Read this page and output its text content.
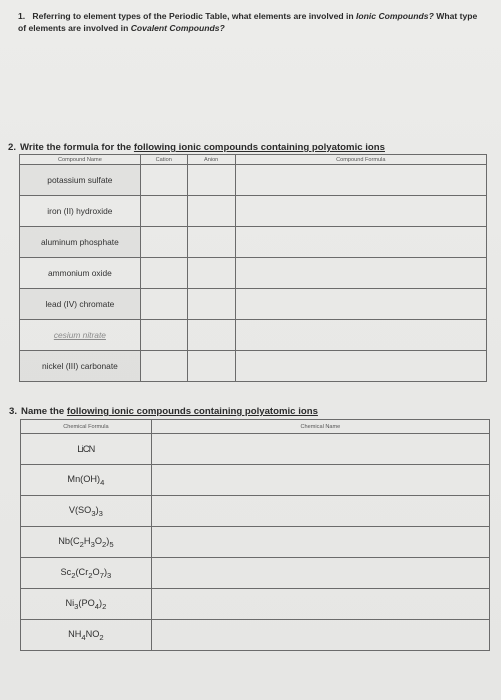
1. Referring to element types of the Periodic Table, what elements are involved in Ionic Compounds? What type of elements are involved in Covalent Compounds?
2. Write the formula for the following ionic compounds containing polyatomic ions
Compound Name	Cation	Anion	Compound Formula
potassium sulfate			
iron (II) hydroxide			
aluminum phosphate			
ammonium oxide			
lead (IV) chromate			
cesium nitrate			
nickel (III) carbonate			
3. Name the following ionic compounds containing polyatomic ions
Chemical Formula	Chemical Name
LiCN	
$Mn(OH)_4$	
$V(SO_3)_3$	
$Nb(C_2H_3O_2)_5$	
$Sc_2(Cr_2O_7)_3$	
$Ni_3(PO_4)_2$	
$NH_4NO_2$	
